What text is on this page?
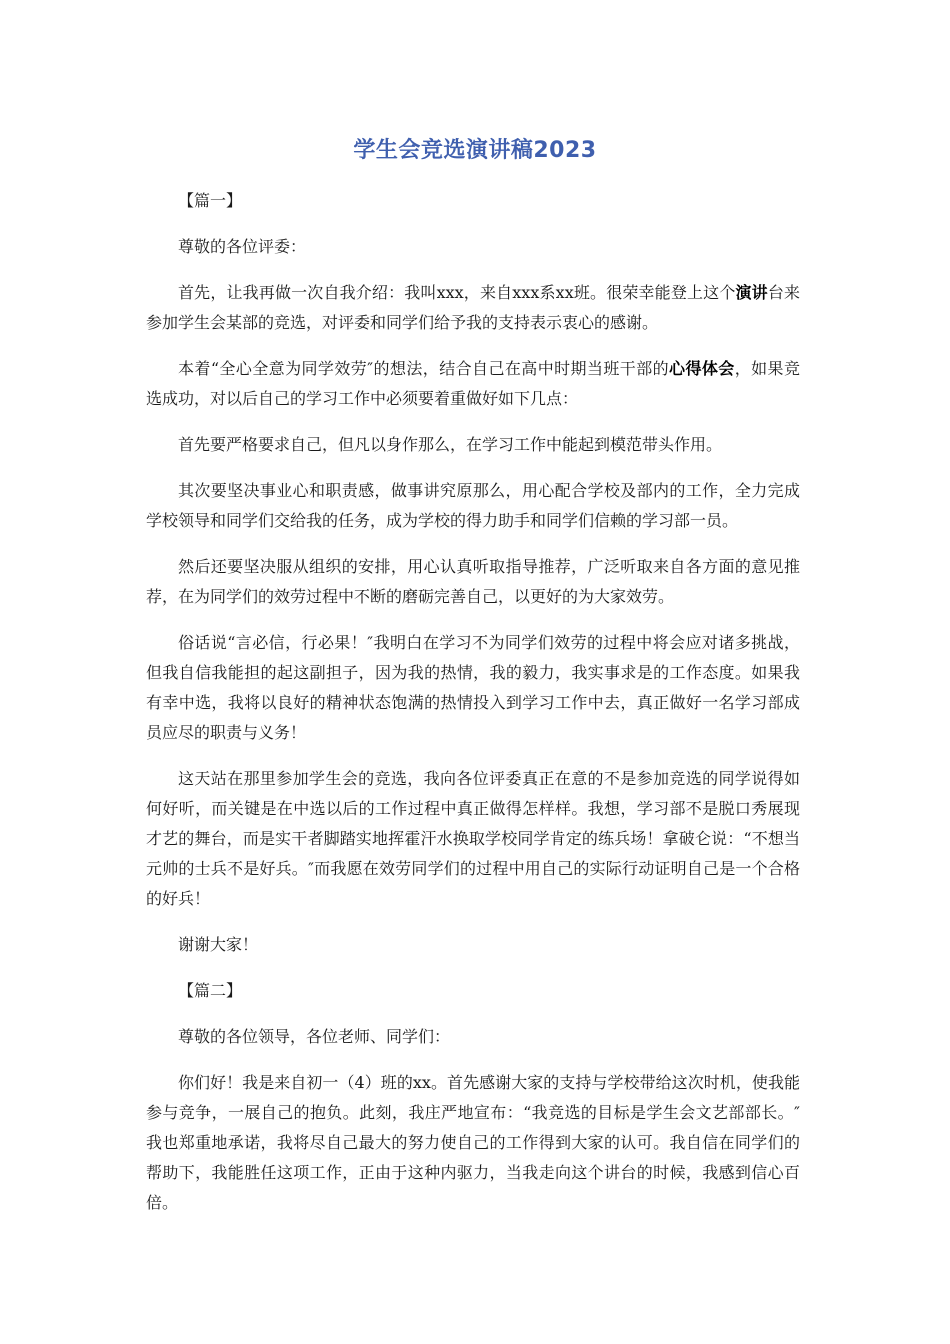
学生会竞选演讲稿2023

【篇一】

尊敬的各位评委：

首先，让我再做一次自我介绍：我叫xxx，来自xxx系xx班。很荣幸能登上这个演讲台来参加学生会某部的竞选，对评委和同学们给予我的支持表示衷心的感谢。

本着“全心全意为同学效劳″的想法，结合自己在高中时期当班干部的心得体会，如果竞选成功，对以后自己的学习工作中必须要着重做好如下几点：

首先要严格要求自己，但凡以身作那么，在学习工作中能起到模范带头作用。

其次要坚决事业心和职责感，做事讲究原那么，用心配合学校及部内的工作，全力完成学校领导和同学们交给我的任务，成为学校的得力助手和同学们信赖的学习部一员。

然后还要坚决服从组织的安排，用心认真听取指导推荐，广泛听取来自各方面的意见推荐，在为同学们的效劳过程中不断的磨砺完善自己，以更好的为大家效劳。

俗话说“言必信，行必果！″我明白在学习不为同学们效劳的过程中将会应对诸多挑战，但我自信我能担的起这副担子，因为我的热情，我的毅力，我实事求是的工作态度。如果我有幸中选，我将以良好的精神状态饱满的热情投入到学习工作中去，真正做好一名学习部成员应尽的职责与义务！

这天站在那里参加学生会的竞选，我向各位评委真正在意的不是参加竞选的同学说得如何好听，而关键是在中选以后的工作过程中真正做得怎样样。我想，学习部不是脱口秀展现才艺的舞台，而是实干者脚踏实地挥霍汗水换取学校同学肯定的练兵场！拿破仑说：“不想当元帅的士兵不是好兵。″而我愿在效劳同学们的过程中用自己的实际行动证明自己是一个合格的好兵！

谢谢大家！

【篇二】

尊敬的各位领导，各位老师、同学们：

你们好！我是来自初一（4）班的xx。首先感谢大家的支持与学校带给这次时机，使我能参与竞争，一展自己的抱负。此刻，我庄严地宣布：“我竞选的目标是学生会文艺部部长。″我也郑重地承诺，我将尽自己最大的努力使自己的工作得到大家的认可。我自信在同学们的帮助下，我能胜任这项工作，正由于这种内驱力，当我走向这个讲台的时候，我感到信心百倍。
